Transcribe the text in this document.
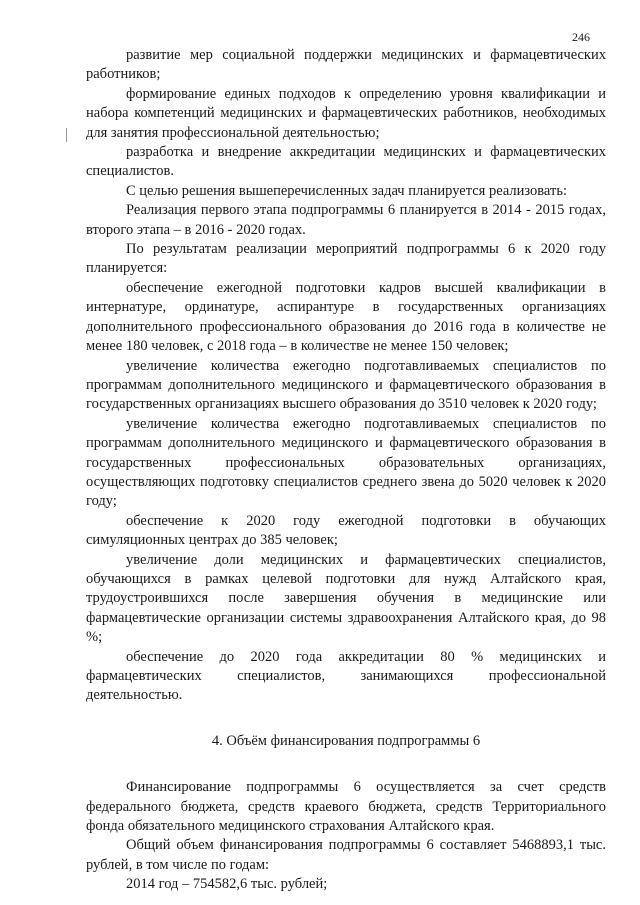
246

развитие мер социальной поддержки медицинских и фармацевтических работников;

формирование единых подходов к определению уровня квалификации и набора компетенций медицинских и фармацевтических работников, необходимых для занятия профессиональной деятельностью;

разработка и внедрение аккредитации медицинских и фармацевтических специалистов.

С целью решения вышеперечисленных задач планируется реализовать:

Реализация первого этапа подпрограммы 6 планируется в 2014 - 2015 годах, второго этапа – в 2016 - 2020 годах.

По результатам реализации мероприятий подпрограммы 6 к 2020 году планируется:

обеспечение ежегодной подготовки кадров высшей квалификации в интернатуре, ординатуре, аспирантуре в государственных организациях дополнительного профессионального образования до 2016 года в количестве не менее 180 человек, с 2018 года – в количестве не менее 150 человек;

увеличение количества ежегодно подготавливаемых специалистов по программам дополнительного медицинского и фармацевтического образования в государственных организациях высшего образования до 3510 человек к 2020 году;

увеличение количества ежегодно подготавливаемых специалистов по программам дополнительного медицинского и фармацевтического образования в государственных профессиональных образовательных организациях, осуществляющих подготовку специалистов среднего звена до 5020 человек к 2020 году;

обеспечение к 2020 году ежегодной подготовки в обучающих симуляционных центрах до 385 человек;

увеличение доли медицинских и фармацевтических специалистов, обучающихся в рамках целевой подготовки для нужд Алтайского края, трудоустроившихся после завершения обучения в медицинские или фармацевтические организации системы здравоохранения Алтайского края, до 98 %;

обеспечение до 2020 года аккредитации 80 % медицинских и фармацевтических специалистов, занимающихся профессиональной деятельностью.

4. Объём финансирования подпрограммы 6

Финансирование подпрограммы 6 осуществляется за счет средств федерального бюджета, средств краевого бюджета, средств Территориального фонда обязательного медицинского страхования Алтайского края.

Общий объем финансирования подпрограммы 6 составляет 5468893,1 тыс. рублей, в том числе по годам:

2014 год – 754582,6 тыс. рублей;
